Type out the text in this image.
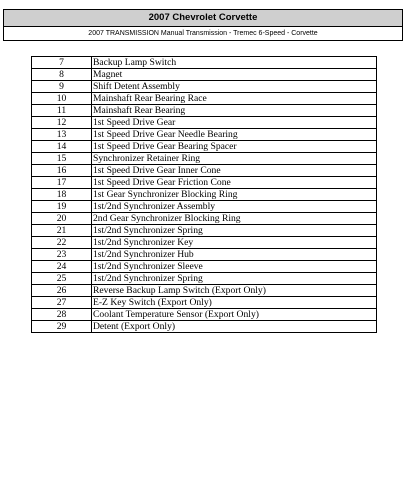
2007 Chevrolet Corvette
2007 TRANSMISSION Manual Transmission - Tremec 6-Speed - Corvette
7	Backup Lamp Switch
8	Magnet
9	Shift Detent Assembly
10	Mainshaft Rear Bearing Race
11	Mainshaft Rear Bearing
12	1st Speed Drive Gear
13	1st Speed Drive Gear Needle Bearing
14	1st Speed Drive Gear Bearing Spacer
15	Synchronizer Retainer Ring
16	1st Speed Drive Gear Inner Cone
17	1st Speed Drive Gear Friction Cone
18	1st Gear Synchronizer Blocking Ring
19	1st/2nd Synchronizer Assembly
20	2nd Gear Synchronizer Blocking Ring
21	1st/2nd Synchronizer Spring
22	1st/2nd Synchronizer Key
23	1st/2nd Synchronizer Hub
24	1st/2nd Synchronizer Sleeve
25	1st/2nd Synchronizer Spring
26	Reverse Backup Lamp Switch (Export Only)
27	E-Z Key Switch (Export Only)
28	Coolant Temperature Sensor (Export Only)
29	Detent (Export Only)
